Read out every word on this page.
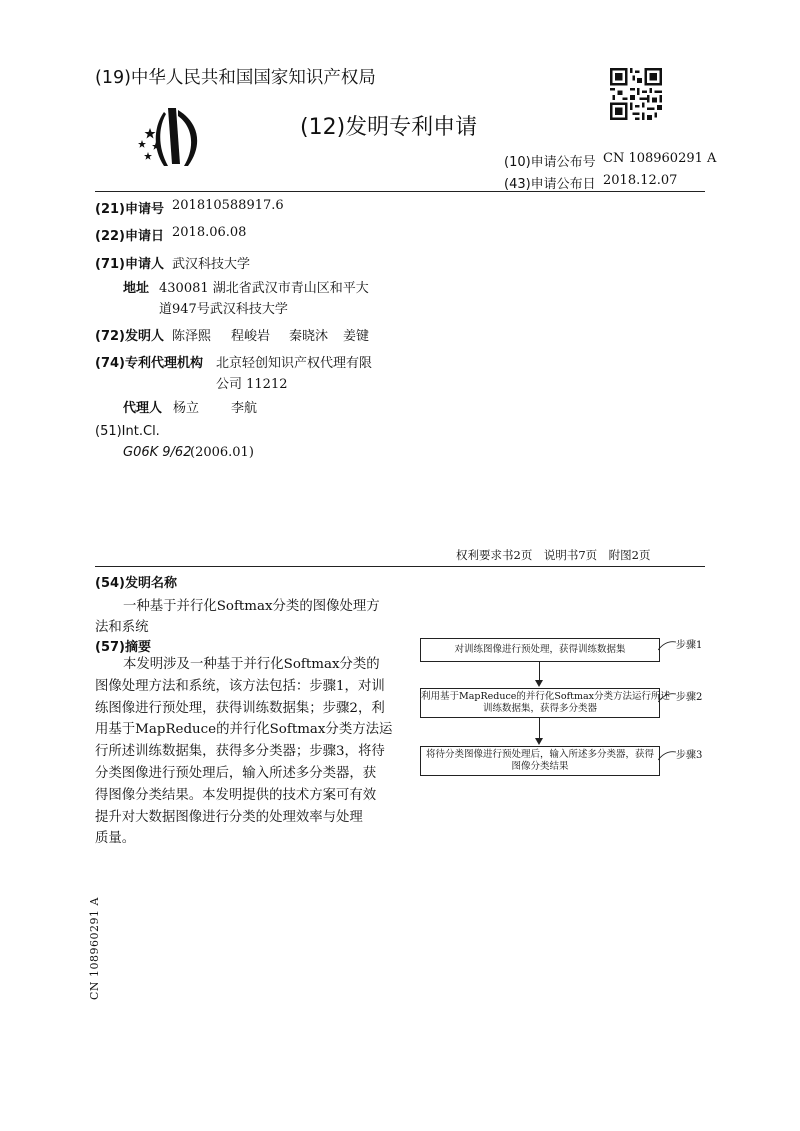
(19)中华人民共和国国家知识产权局
(12)发明专利申请
(10)申请公布号 CN 108960291 A
(43)申请公布日 2018.12.07
(21)申请号 201810588917.6
(22)申请日 2018.06.08
(71)申请人 武汉科技大学
地址 430081 湖北省武汉市青山区和平大
道947号武汉科技大学
(72)发明人 陈泽熙 程峻岩 秦晓沐 姜键
(74)专利代理机构 北京轻创知识产权代理有限
公司 11212
代理人 杨立 李航
(51)Int.Cl.
G06K 9/62
(2006.01)
权利要求书2页　说明书7页　附图2页
(54)发明名称
一种基于并行化Softmax分类的图像处理方
法和系统
(57)摘要
本发明涉及一种基于并行化Softmax分类的
图像处理方法和系统，该方法包括：步骤1，对训
练图像进行预处理，获得训练数据集；步骤2，利
用基于MapReduce的并行化Softmax分类方法运
行所述训练数据集，获得多分类器；步骤3，将待
分类图像进行预处理后，输入所述多分类器，获
得图像分类结果。本发明提供的技术方案可有效
提升对大数据图像进行分类的处理效率与处理
质量。
对训练图像进行预处理，获得训练数据集	步骤1
利用基于MapReduce的并行化Softmax分类方法运行所述
训练数据集，获得多分类器
步骤2
将待分类图像进行预处理后，输入所述多分类器，获得
图像分类结果
步骤3
CN 108960291 A
